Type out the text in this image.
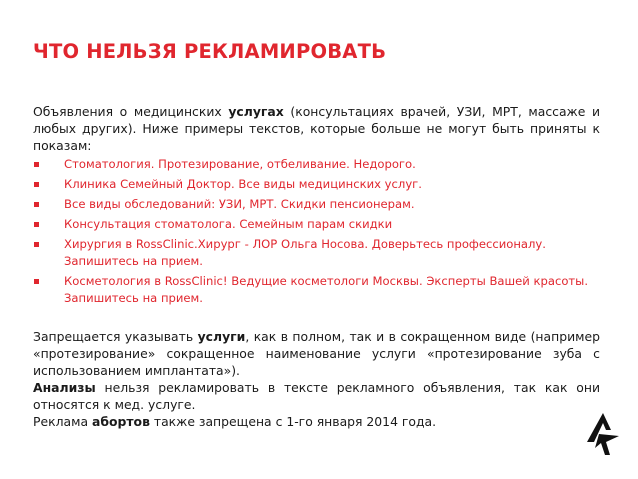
ЧТО НЕЛЬЗЯ РЕКЛАМИРОВАТЬ

Объявления о медицинских услугах (консультациях врачей, УЗИ, МРТ, массаже и любых других). Ниже примеры текстов, которые больше не могут быть приняты к показам:

Стоматология. Протезирование, отбеливание. Недорого.
Клиника Семейный Доктор. Все виды медицинских услуг.
Все виды обследований: УЗИ, МРТ. Скидки пенсионерам.
Консультация стоматолога. Семейным парам скидки
Хирургия в RossClinic.Хирург - ЛОР Ольга Носова. Доверьтесь профессионалу. Запишитесь на прием.
Косметология в RossClinic! Ведущие косметологи Москвы. Эксперты Вашей красоты. Запишитесь на прием.

Запрещается указывать услуги, как в полном, так и в сокращенном виде (например «протезирование» сокращенное наименование услуги «протезирование зуба с использованием имплантата»).

Анализы нельзя рекламировать в тексте рекламного объявления, так как они относятся к мед. услуге.

Реклама абортов также запрещена с 1-го января 2014 года.
